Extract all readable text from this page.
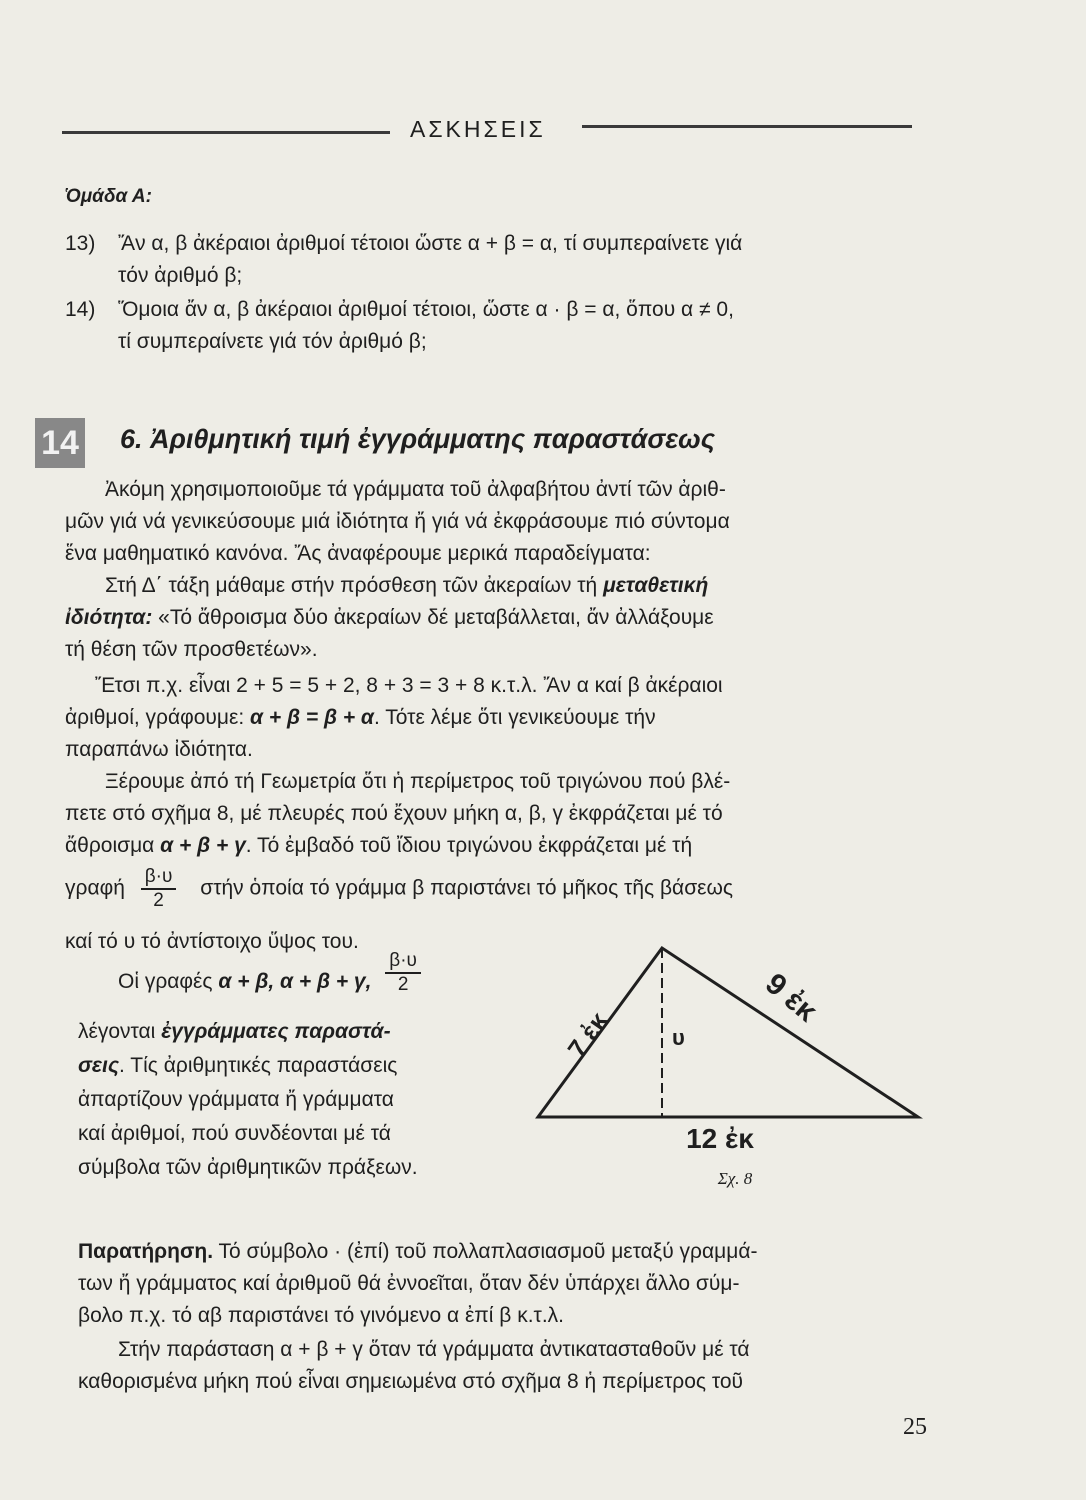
ΑΣΚΗΣΕΙΣ
Ὁμάδα Α:
13) Ἄν α, β ἀκέραιοι ἀριθμοί τέτοιοι ὥστε α + β = α, τί συμπεραίνετε γιά
τόν ἀριθμό β;
14) Ὅμοια ἄν α, β ἀκέραιοι ἀριθμοί τέτοιοι, ὥστε α · β = α, ὅπου α ≠ 0,
τί συμπεραίνετε γιά τόν ἀριθμό β;
14 6. Ἀριθμητική τιμή ἐγγράμματης παραστάσεως
Ἀκόμη χρησιμοποιοῦμε τά γράμματα τοῦ ἀλφαβήτου ἀντί τῶν ἀριθ-
μῶν γιά νά γενικεύσουμε μιά ἰδιότητα ἤ γιά νά ἐκφράσουμε πιό σύντομα
ἕνα μαθηματικό κανόνα. Ἄς ἀναφέρουμε μερικά παραδείγματα:
Στή Δ΄ τάξη μάθαμε στήν πρόσθεση τῶν ἀκεραίων τή μεταθετική
ἰδιότητα: «Τό ἄθροισμα δύο ἀκεραίων δέ μεταβάλλεται, ἄν ἀλλάξουμε
τή θέση τῶν προσθετέων».
Ἔτσι π.χ. εἶναι 2 + 5 = 5 + 2, 8 + 3 = 3 + 8 κ.τ.λ. Ἄν α καί β ἀκέραιοι
ἀριθμοί, γράφουμε: α + β = β + α. Τότε λέμε ὅτι γενικεύουμε τήν
παραπάνω ἰδιότητα.
Ξέρουμε ἀπό τή Γεωμετρία ὅτι ἡ περίμετρος τοῦ τριγώνου πού βλέ-
πετε στό σχῆμα 8, μέ πλευρές πού ἔχουν μήκη α, β, γ ἐκφράζεται μέ τό
ἄθροισμα α + β + γ. Τό ἐμβαδό τοῦ ἴδιου τριγώνου ἐκφράζεται μέ τή
γραφή $\frac{\beta\cdot\upsilon}{2}$ στήν ὁποία τό γράμμα β παριστάνει τό μῆκος τῆς βάσεως
καί τό υ τό ἀντίστοιχο ὕψος του.
Οἱ γραφές α + β, α + β + γ, $\frac{\beta\cdot\upsilon}{2}$
λέγονται ἐγγράμματες παραστά-
σεις. Τίς ἀριθμητικές παραστάσεις
ἀπαρτίζουν γράμματα ἤ γράμματα
καί ἀριθμοί, πού συνδέονται μέ τά
σύμβολα τῶν ἀριθμητικῶν πράξεων.
7 ἐκ
9 ἐκ
υ
12 ἐκ
Σχ. 8
Παρατήρηση. Τό σύμβολο · (ἐπί) τοῦ πολλαπλασιασμοῦ μεταξύ γραμμά-
των ἤ γράμματος καί ἀριθμοῦ θά ἐννοεῖται, ὅταν δέν ὑπάρχει ἄλλο σύμ-
βολο π.χ. τό αβ παριστάνει τό γινόμενο α ἐπί β κ.τ.λ.
Στήν παράσταση α + β + γ ὅταν τά γράμματα ἀντικατασταθοῦν μέ τά
καθορισμένα μήκη πού εἶναι σημειωμένα στό σχῆμα 8 ἡ περίμετρος τοῦ
25
